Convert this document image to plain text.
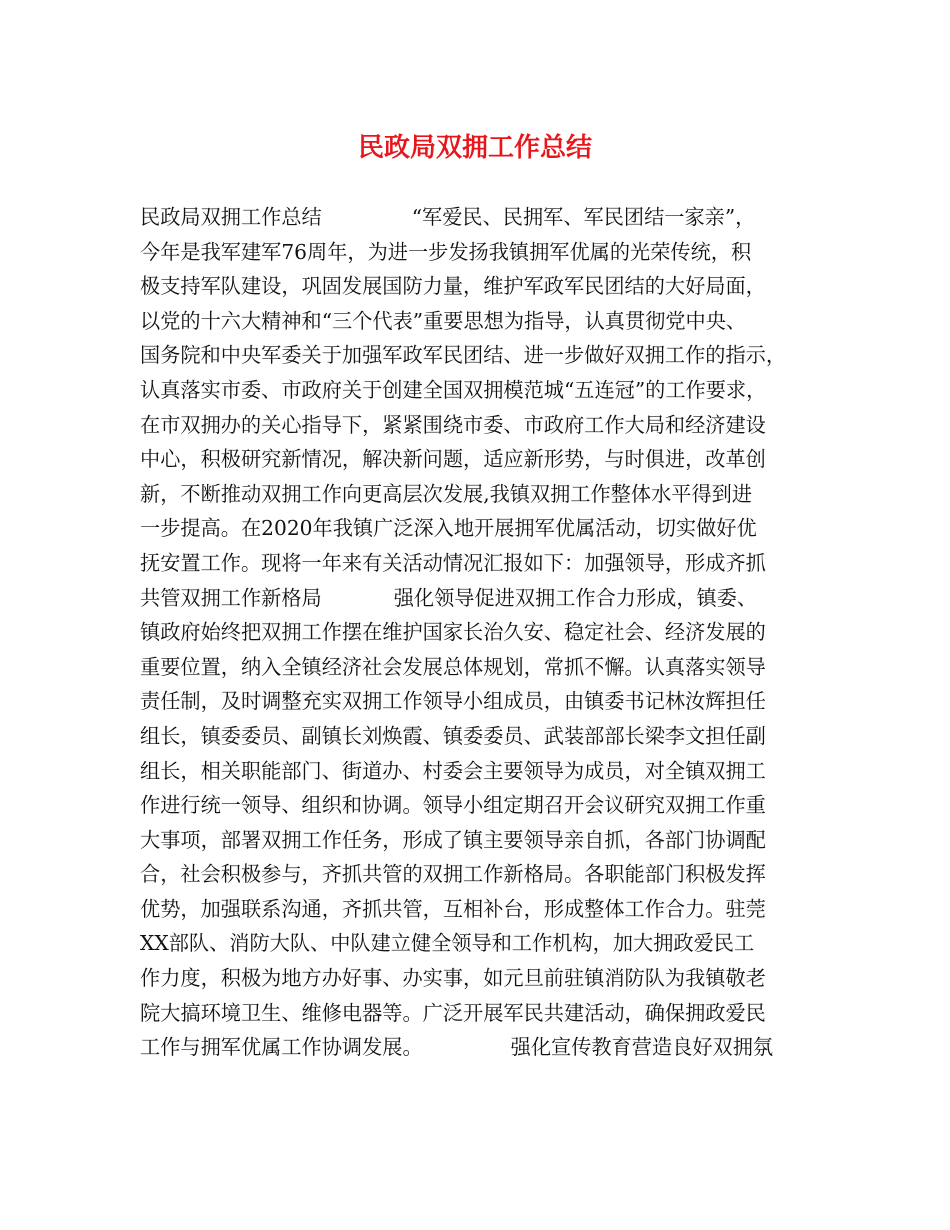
民政局双拥工作总结
民政局双拥工作总结	“军爱民、民拥军、军民团结一家亲”，
今年是我军建军76周年，为进一步发扬我镇拥军优属的光荣传统，积
极支持军队建设，巩固发展国防力量，维护军政军民团结的大好局面，
以党的十六大精神和“三个代表”重要思想为指导，认真贯彻党中央、
国务院和中央军委关于加强军政军民团结、进一步做好双拥工作的指示，
认真落实市委、市政府关于创建全国双拥模范城“五连冠”的工作要求，
在市双拥办的关心指导下，紧紧围绕市委、市政府工作大局和经济建设
中心，积极研究新情况，解决新问题，适应新形势，与时俱进，改革创
新，不断推动双拥工作向更高层次发展,我镇双拥工作整体水平得到进
一步提高。在2020年我镇广泛深入地开展拥军优属活动，切实做好优
抚安置工作。现将一年来有关活动情况汇报如下：加强领导，形成齐抓
共管双拥工作新格局	强化领导促进双拥工作合力形成，镇委、
镇政府始终把双拥工作摆在维护国家长治久安、稳定社会、经济发展的
重要位置，纳入全镇经济社会发展总体规划，常抓不懈。认真落实领导
责任制，及时调整充实双拥工作领导小组成员，由镇委书记林汝辉担任
组长，镇委委员、副镇长刘焕霞、镇委委员、武装部部长梁李文担任副
组长，相关职能部门、街道办、村委会主要领导为成员，对全镇双拥工
作进行统一领导、组织和协调。领导小组定期召开会议研究双拥工作重
大事项，部署双拥工作任务，形成了镇主要领导亲自抓，各部门协调配
合，社会积极参与，齐抓共管的双拥工作新格局。各职能部门积极发挥
优势，加强联系沟通，齐抓共管，互相补台，形成整体工作合力。驻莞
XX部队、消防大队、中队建立健全领导和工作机构，加大拥政爱民工
作力度，积极为地方办好事、办实事，如元旦前驻镇消防队为我镇敬老
院大搞环境卫生、维修电器等。广泛开展军民共建活动，确保拥政爱民
工作与拥军优属工作协调发展。	强化宣传教育营造良好双拥氛
